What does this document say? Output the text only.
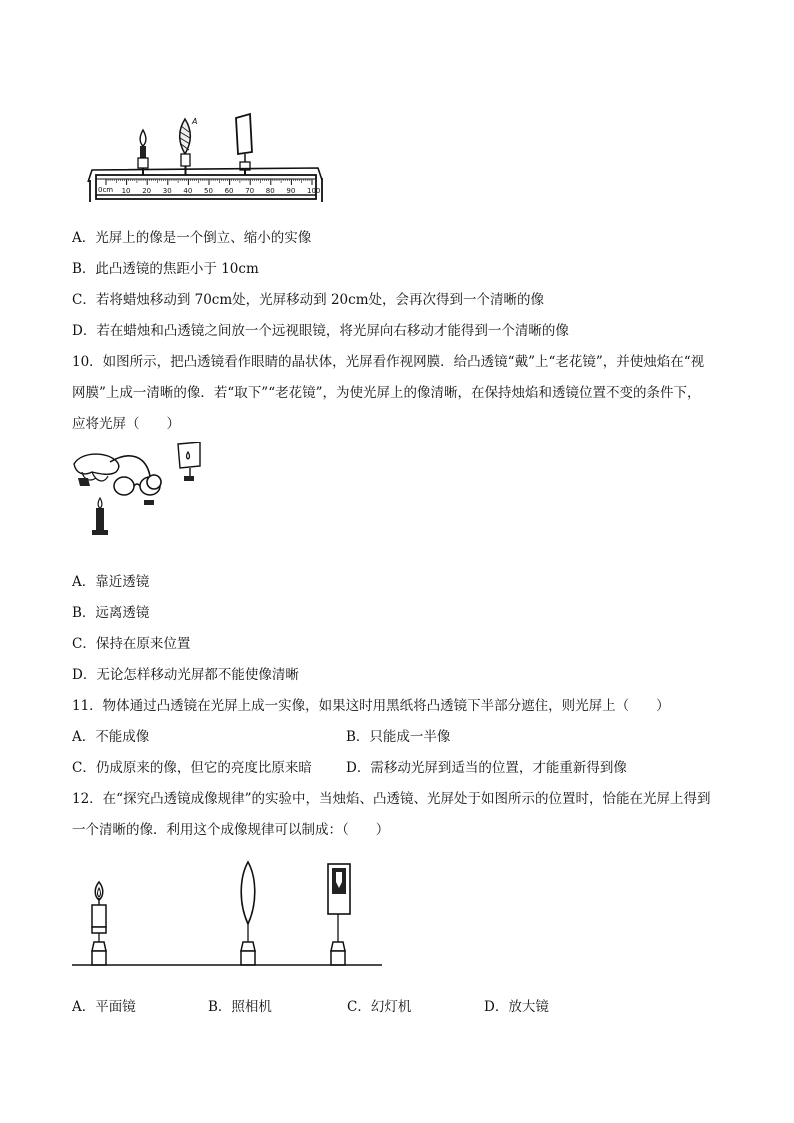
A
0cm 10 20 30 40 50 60 70 80 90 100
A．光屏上的像是一个倒立、缩小的实像
B．此凸透镜的焦距小于 10cm
C．若将蜡烛移动到 70cm处，光屏移动到 20cm处，会再次得到一个清晰的像
D．若在蜡烛和凸透镜之间放一个远视眼镜，将光屏向右移动才能得到一个清晰的像
10．如图所示，把凸透镜看作眼睛的晶状体，光屏看作视网膜．给凸透镜“戴”上“老花镜”，并使烛焰在“视
网膜”上成一清晰的像．若“取下”“老花镜”，为使光屏上的像清晰，在保持烛焰和透镜位置不变的条件下，
应将光屏（　　）
A．靠近透镜
B．远离透镜
C．保持在原来位置
D．无论怎样移动光屏都不能使像清晰
11．物体通过凸透镜在光屏上成一实像，如果这时用黑纸将凸透镜下半部分遮住，则光屏上（　　）
A．不能成像	B．只能成一半像
C．仍成原来的像，但它的亮度比原来暗	D．需移动光屏到适当的位置，才能重新得到像
12．在“探究凸透镜成像规律”的实验中，当烛焰、凸透镜、光屏处于如图所示的位置时，恰能在光屏上得到
一个清晰的像．利用这个成像规律可以制成：（　　）
A．平面镜	B．照相机	C．幻灯机	D．放大镜
